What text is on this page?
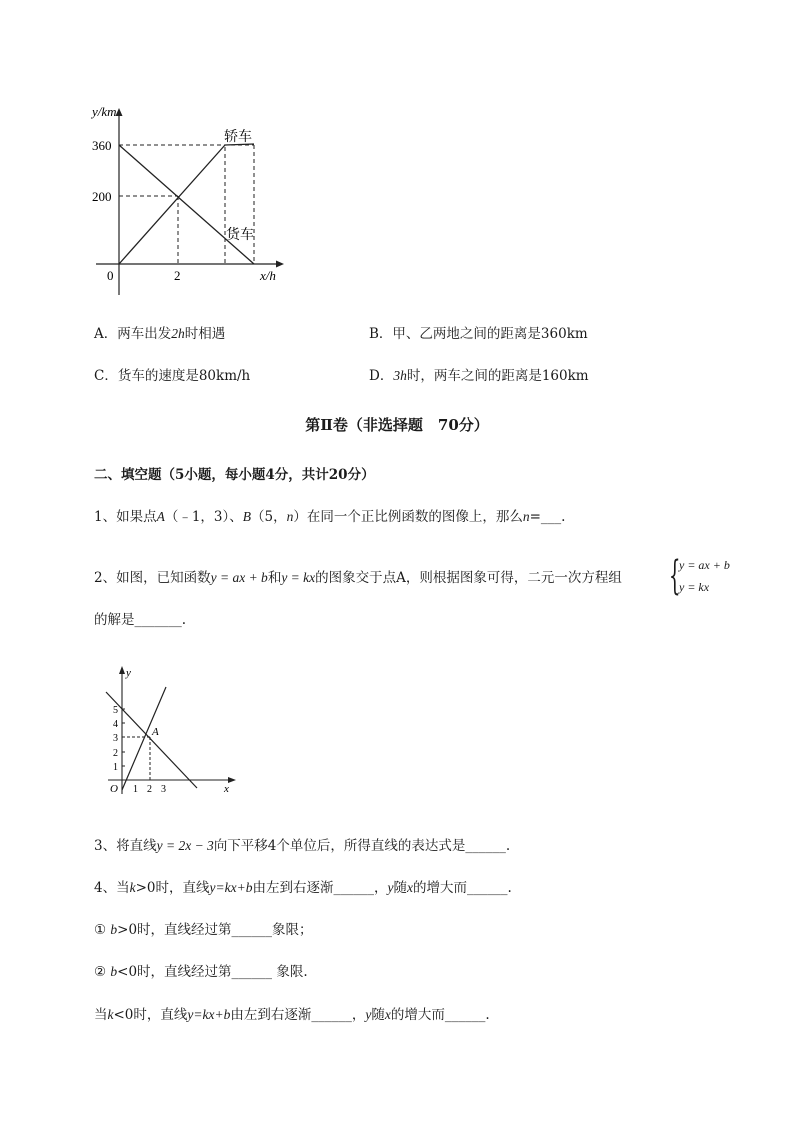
y/km
x/h
0
360
200
2
轿车
货车
A．两车出发2h时相遇	B．甲、乙两地之间的距离是360km
C．货车的速度是80km/h	D．3h时，两车之间的距离是160km
第Ⅱ卷（非选择题　70分）
二、填空题（5小题，每小题4分，共计20分）
1、如果点A（﹣1，3）、B（5，n）在同一个正比例函数的图像上，那么n=___.
2、如图，已知函数y = ax + b和y = kx的图象交于点A，则根据图象可得，二元一次方程组 {
y = ax + b
y = kx
的解是_______.
y
x
O
A
1
2
3
4
5
1 2 3
3、将直线y = 2x − 3向下平移4个单位后，所得直线的表达式是______.
4、当k>0时，直线y=kx+b由左到右逐渐______，y随x的增大而______.
① b>0时，直线经过第______象限；
② b<0时，直线经过第______ 象限.
当k<0时，直线y=kx+b由左到右逐渐______，y随x的增大而______.
